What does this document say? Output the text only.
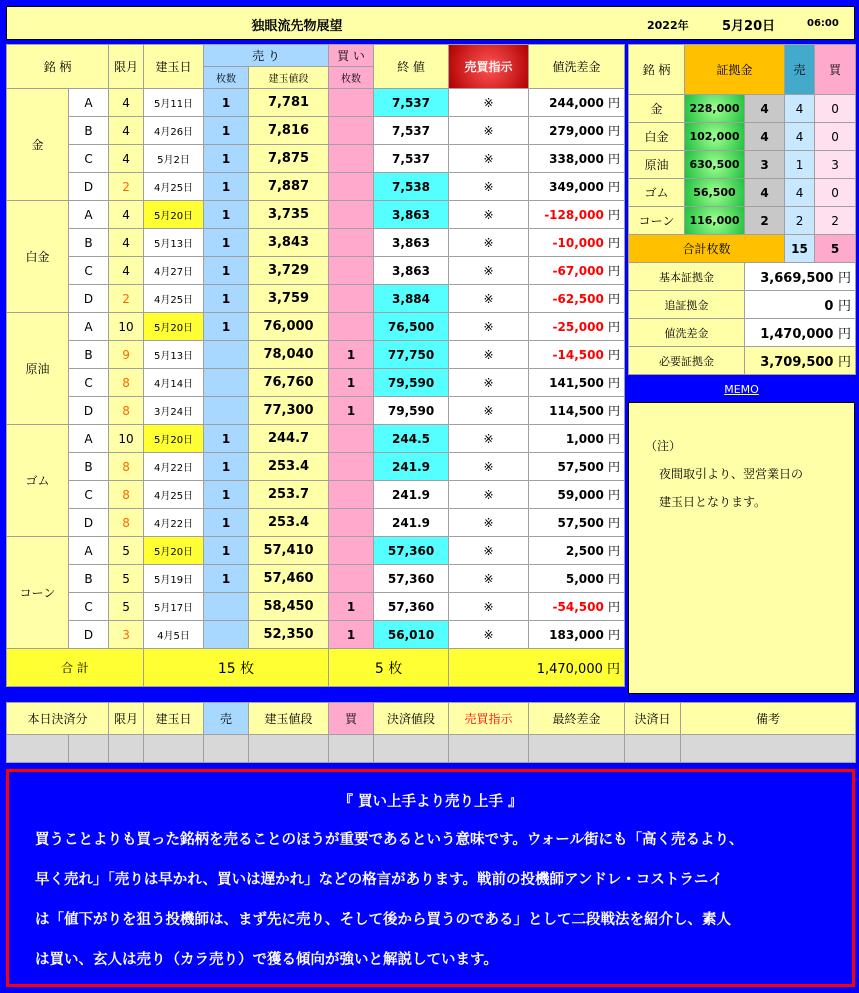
独眼流先物展望	2022年	5月20日	06:00
銘 柄		限月	建玉日	売 り		買 い	終 値	売買指示	値洗差金
				枚数	建玉値段	枚数			
金	A	4	5月11日	1	7,781		7,537	※	244,000 円
	B	4	4月26日	1	7,816		7,537	※	279,000 円
	C	4	5月2日	1	7,875		7,537	※	338,000 円
	D	2	4月25日	1	7,887		7,538	※	349,000 円
白金	A	4	5月20日	1	3,735		3,863	※	-128,000 円
	B	4	5月13日	1	3,843		3,863	※	-10,000 円
	C	4	4月27日	1	3,729		3,863	※	-67,000 円
	D	2	4月25日	1	3,759		3,884	※	-62,500 円
原油	A	10	5月20日	1	76,000		76,500	※	-25,000 円
	B	9	5月13日		78,040	1	77,750	※	-14,500 円
	C	8	4月14日		76,760	1	79,590	※	141,500 円
	D	8	3月24日		77,300	1	79,590	※	114,500 円
ゴム	A	10	5月20日	1	244.7		244.5	※	1,000 円
	B	8	4月22日	1	253.4		241.9	※	57,500 円
	C	8	4月25日	1	253.7		241.9	※	59,000 円
	D	8	4月22日	1	253.4		241.9	※	57,500 円
コーン	A	5	5月20日	1	57,410		57,360	※	2,500 円
	B	5	5月19日	1	57,460		57,360	※	5,000 円
	C	5	5月17日		58,450	1	57,360	※	-54,500 円
	D	3	4月5日		52,350	1	56,010	※	183,000 円
合 計			15 枚			5 枚		1,470,000 円	
銘 柄	証拠金		売	買
金	228,000	4	4	0
白金	102,000	4	4	0
原油	630,500	3	1	3
ゴム	56,500	4	4	0
コーン	116,000	2	2	2
合計枚数			15	5
基本証拠金		3,669,500 円		
追証拠金		0 円		
値洗差金		1,470,000 円		
必要証拠金		3,709,500 円		
MEMO

（注）

夜間取引より、翌営業日の

建玉日となります。

本日決済分		限月	建玉日	売	建玉値段	買	決済値段	売買指示	最終差金	決済日	備考

『 買い上手より売り上手 』
買うことよりも買った銘柄を売ることのほうが重要であるという意味です。ウォール街にも「高く売るより、
早く売れ」「売りは早かれ、買いは遅かれ」などの格言があります。戦前の投機師アンドレ・コストラニイ
は「値下がりを狙う投機師は、まず先に売り、そして後から買うのである」として二段戦法を紹介し、素人
は買い、玄人は売り（カラ売り）で獲る傾向が強いと解説しています。
